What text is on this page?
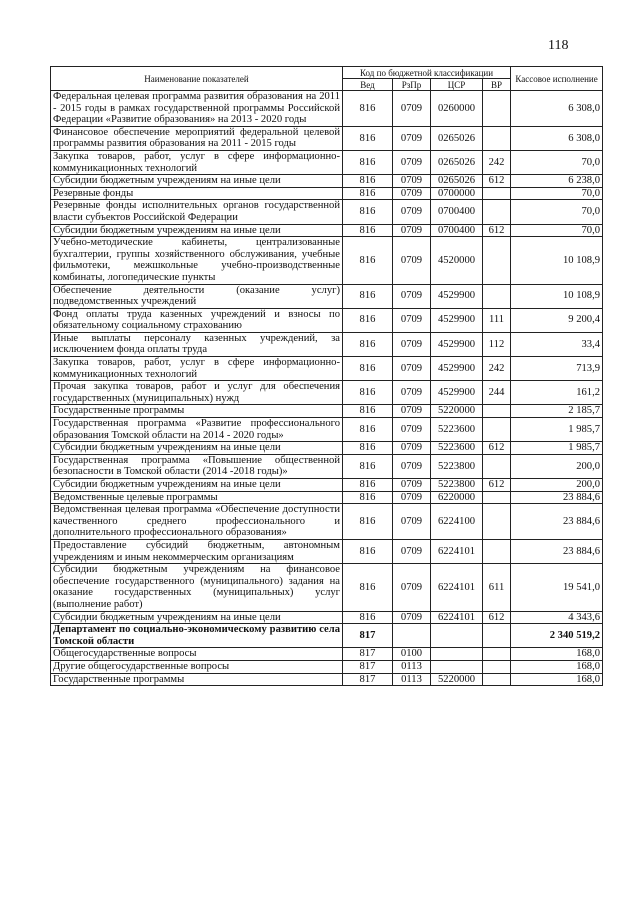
118
Наименование показателей	Код по бюджетной классификации				Кассовое исполнение
	Вед	РзПр	ЦСР	ВР	
Федеральная целевая программа развития образования на 2011 - 2015 годы в рамках государственной программы Российской Федерации «Развитие образования» на 2013 - 2020 годы	816	0709	0260000		6 308,0
Финансовое обеспечение мероприятий федеральной целевой программы развития образования на 2011 - 2015 годы	816	0709	0265026		6 308,0
Закупка товаров, работ, услуг в сфере информационно-коммуникационных технологий	816	0709	0265026	242	70,0
Субсидии бюджетным учреждениям на иные цели	816	0709	0265026	612	6 238,0
Резервные фонды	816	0709	0700000		70,0
Резервные фонды исполнительных органов государственной власти субъектов Российской Федерации	816	0709	0700400		70,0
Субсидии бюджетным учреждениям на иные цели	816	0709	0700400	612	70,0
Учебно-методические кабинеты, централизованные бухгалтерии, группы хозяйственного обслуживания, учебные фильмотеки, межшкольные учебно-производственные комбинаты, логопедические пункты	816	0709	4520000		10 108,9
Обеспечение деятельности (оказание услуг) подведомственных учреждений	816	0709	4529900		10 108,9
Фонд оплаты труда казенных учреждений и взносы по обязательному социальному страхованию	816	0709	4529900	111	9 200,4
Иные выплаты персоналу казенных учреждений, за исключением фонда оплаты труда	816	0709	4529900	112	33,4
Закупка товаров, работ, услуг в сфере информационно-коммуникационных технологий	816	0709	4529900	242	713,9
Прочая закупка товаров, работ и услуг для обеспечения государственных (муниципальных) нужд	816	0709	4529900	244	161,2
Государственные программы	816	0709	5220000		2 185,7
Государственная программа «Развитие профессионального образования Томской области на 2014 - 2020 годы»	816	0709	5223600		1 985,7
Субсидии бюджетным учреждениям на иные цели	816	0709	5223600	612	1 985,7
Государственная программа «Повышение общественной безопасности в Томской области (2014 -2018 годы)»	816	0709	5223800		200,0
Субсидии бюджетным учреждениям на иные цели	816	0709	5223800	612	200,0
Ведомственные целевые программы	816	0709	6220000		23 884,6
Ведомственная целевая программа «Обеспечение доступности качественного среднего профессионального и дополнительного профессионального образования»	816	0709	6224100		23 884,6
Предоставление субсидий бюджетным, автономным учреждениям и иным некоммерческим организациям	816	0709	6224101		23 884,6
Субсидии бюджетным учреждениям на финансовое обеспечение государственного (муниципального) задания на оказание государственных (муниципальных) услуг (выполнение работ)	816	0709	6224101	611	19 541,0
Субсидии бюджетным учреждениям на иные цели	816	0709	6224101	612	4 343,6
Департамент по социально-экономическому развитию села Томской области	817				2 340 519,2
Общегосударственные вопросы	817	0100			168,0
Другие общегосударственные вопросы	817	0113			168,0
Государственные программы	817	0113	5220000		168,0
